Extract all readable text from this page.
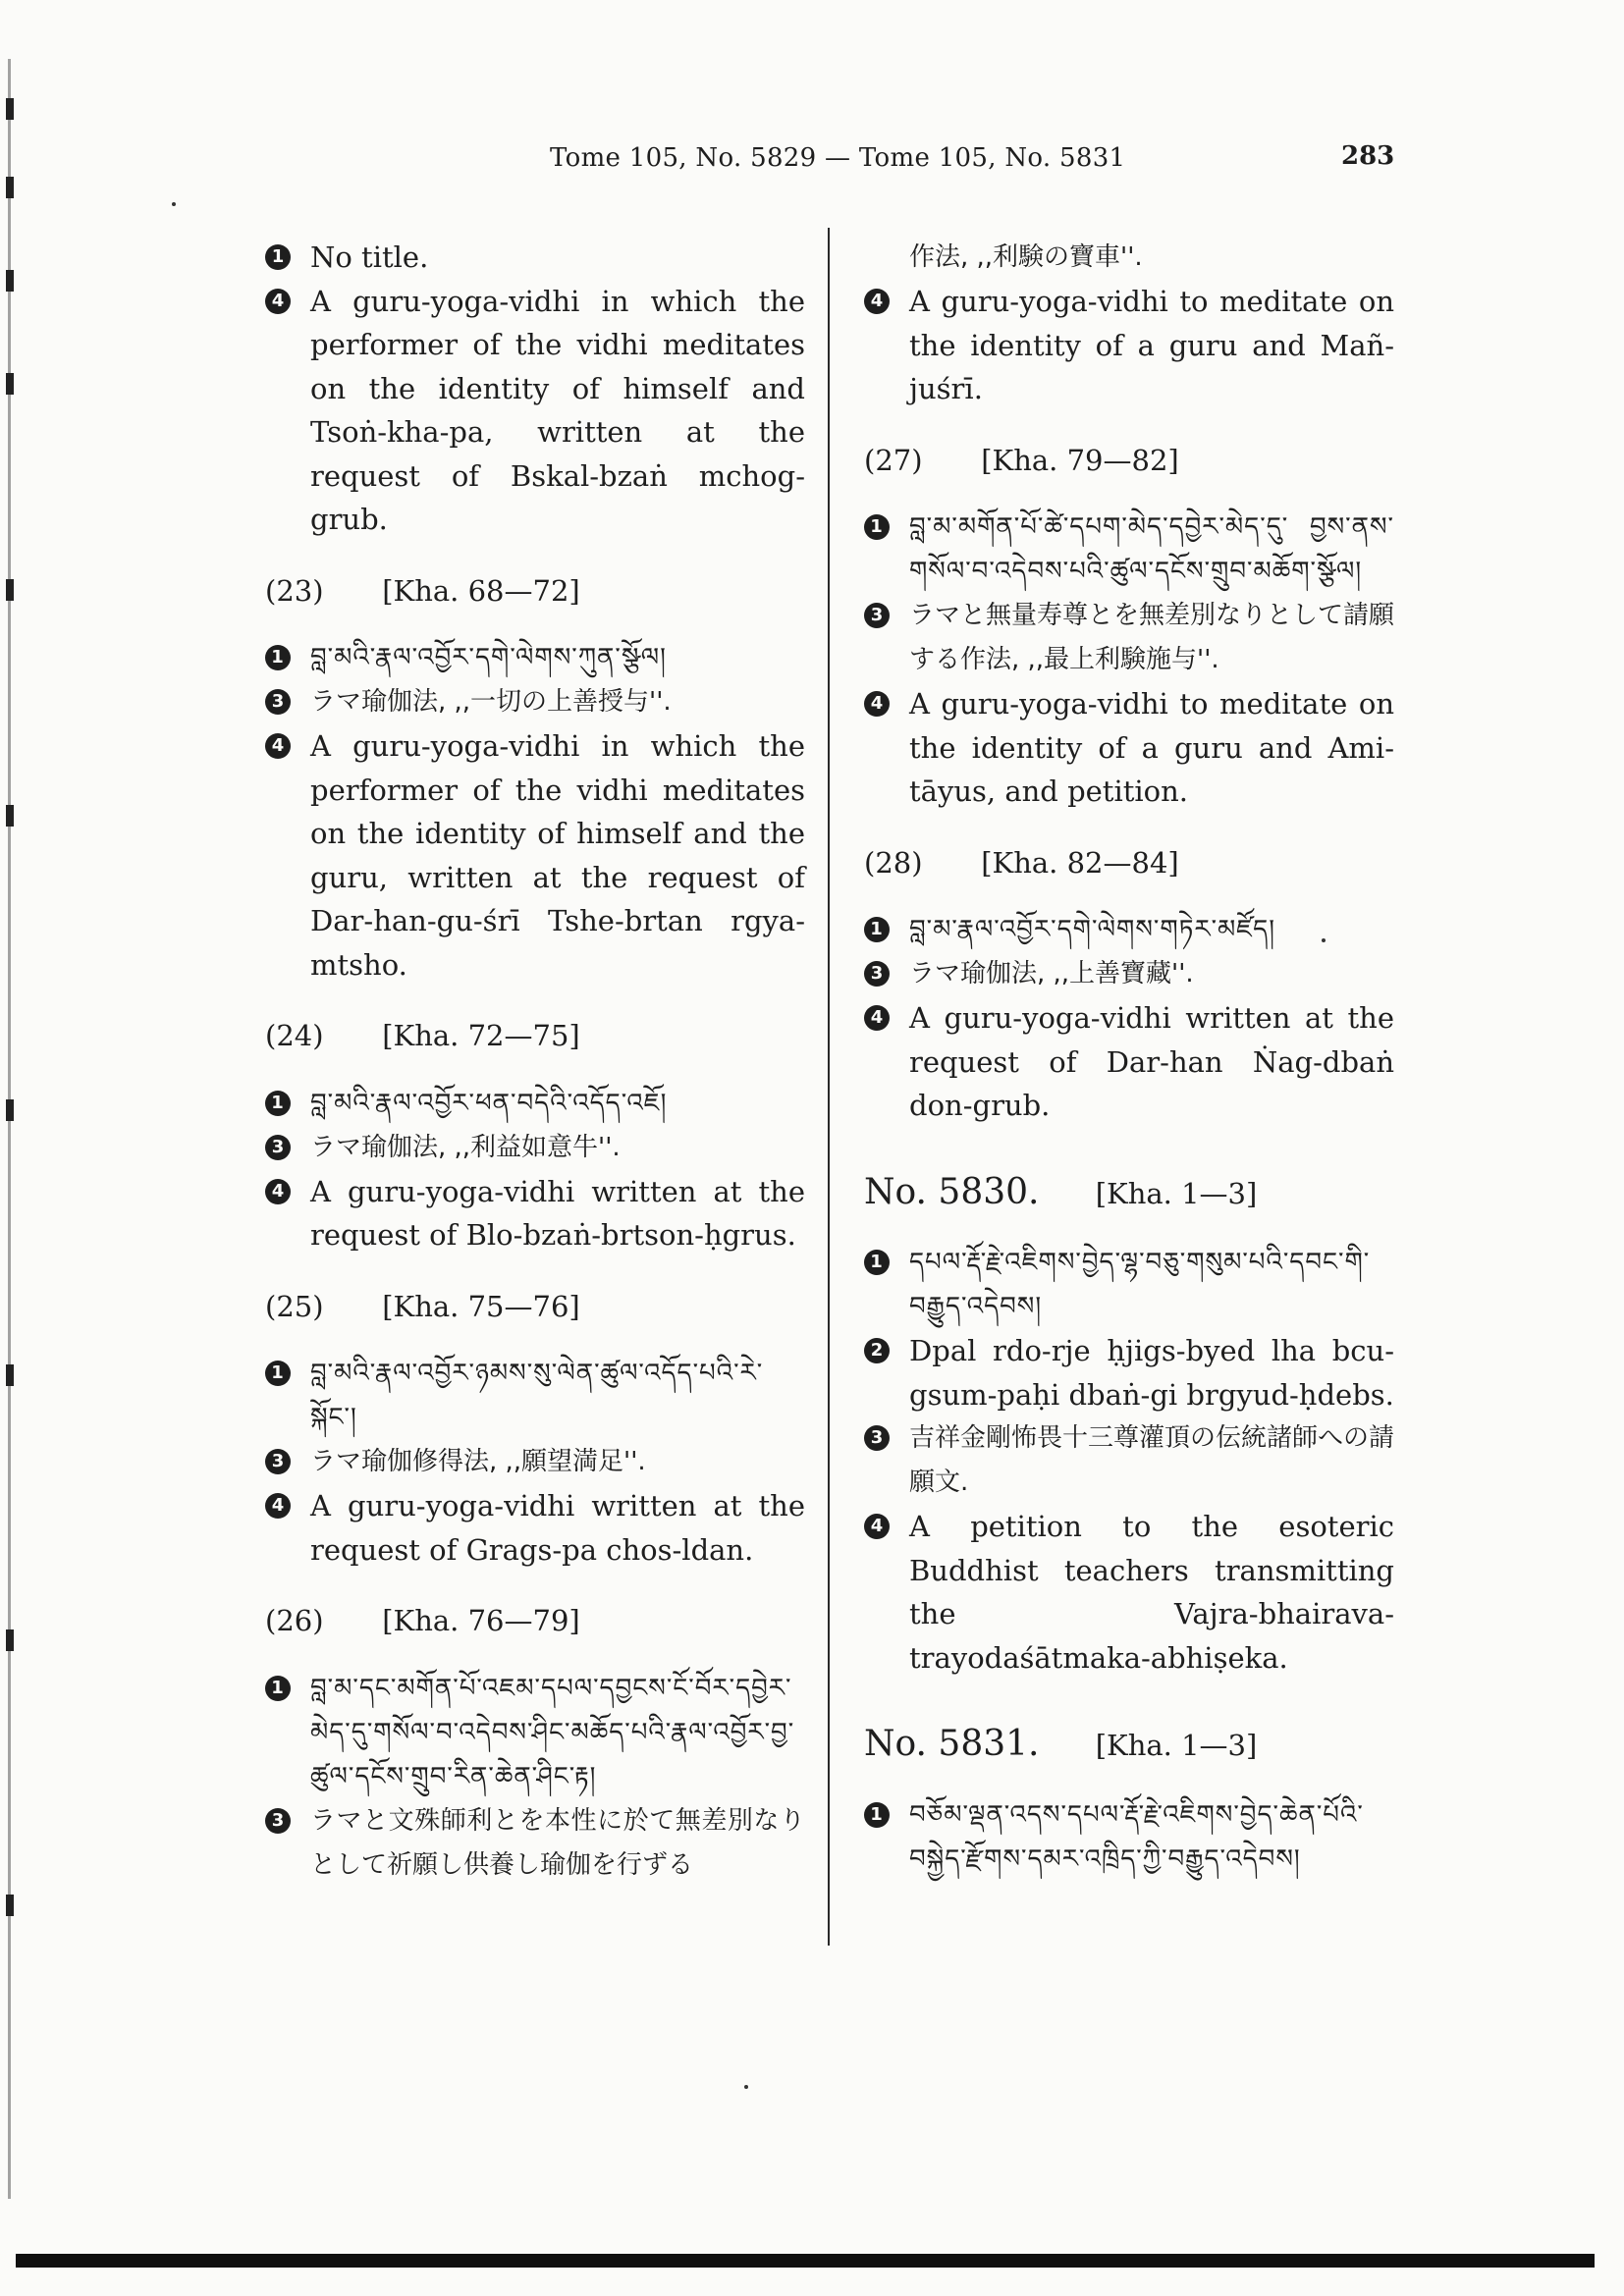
Tome 105, No. 5829 — Tome 105, No. 5831	283
1 No title.
4 A guru-yoga-vidhi in which the performer of the vidhi meditates on the identity of himself and Tsoṅ-kha-pa, written at the request of Bskal-bzaṅ mchog-grub.
(23) [Kha. 68—72]
1 བླ་མའི་རྣལ་འབྱོར་དགེ་ལེགས་ཀུན་སྩོལ།
3 ラマ瑜伽法, ,,一切の上善授与''.
4 A guru-yoga-vidhi in which the performer of the vidhi meditates on the identity of himself and the guru, written at the request of Dar-han-gu-śrī Tshe-brtan rgya-mtsho.
(24) [Kha. 72—75]
1 བླ་མའི་རྣལ་འབྱོར་ཕན་བདེའི་འདོད་འཇོ།
3 ラマ瑜伽法, ,,利益如意牛''.
4 A guru-yoga-vidhi written at the request of Blo-bzaṅ-brtson-ḥgrus.
(25) [Kha. 75—76]
1 བླ་མའི་རྣལ་འབྱོར་ཉམས་སུ་ལེན་ཚུལ་འདོད་པའི་རེ་སྐོང་།
3 ラマ瑜伽修得法, ,,願望満足''.
4 A guru-yoga-vidhi written at the request of Grags-pa chos-ldan.
(26) [Kha. 76—79]
1 བླ་མ་དང་མགོན་པོ་འཇམ་དཔལ་དབྱངས་ངོ་བོར་དབྱེར་མེད་དུ་གསོལ་བ་འདེབས་ཤིང་མཆོད་པའི་རྣལ་འབྱོར་བྱ་ཚུལ་དངོས་གྲུབ་རིན་ཆེན་ཤིང་རྟ།
3 ラマと文殊師利とを本性に於て無差別なりとして祈願し供養し瑜伽を行ずる
作法, ,,利験の寶車''.
4 A guru-yoga-vidhi to meditate on the identity of a guru and Mañ-juśrī.
(27) [Kha. 79—82]
1 བླ་མ་མགོན་པོ་ཚེ་དཔག་མེད་དབྱེར་མེད་དུ་ བྱས་ནས་གསོལ་བ་འདེབས་པའི་ཚུལ་དངོས་གྲུབ་མཆོག་སྩོལ།
3 ラマと無量寿尊とを無差別なりとして請願する作法, ,,最上利験施与''.
4 A guru-yoga-vidhi to meditate on the identity of a guru and Ami-tāyus, and petition.
(28) [Kha. 82—84]
1 བླ་མ་རྣལ་འབྱོར་དགེ་ལེགས་གཏེར་མཛོད།
3 ラマ瑜伽法, ,,上善寶藏''.
4 A guru-yoga-vidhi written at the request of Dar-han Ṅag-dbaṅ don-grub.
No. 5830. [Kha. 1—3]
1 དཔལ་རྡོ་རྗེ་འཇིགས་བྱེད་ལྷ་བཅུ་གསུམ་པའི་དབང་གི་བརྒྱུད་འདེབས།
2 Dpal rdo-rje ḥjigs-byed lha bcu-gsum-paḥi dbaṅ-gi brgyud-ḥdebs.
3 吉祥金剛怖畏十三尊灌頂の伝統諸師への請願文.
4 A petition to the esoteric Buddhist teachers transmitting the Vajra-bhairava-trayodaśātmaka-abhiṣeka.
No. 5831. [Kha. 1—3]
1 བཅོམ་ལྡན་འདས་དཔལ་རྡོ་རྗེ་འཇིགས་བྱེད་ཆེན་པོའི་བསྐྱེད་རྫོགས་དམར་འཁྲིད་ཀྱི་བརྒྱུད་འདེབས།
